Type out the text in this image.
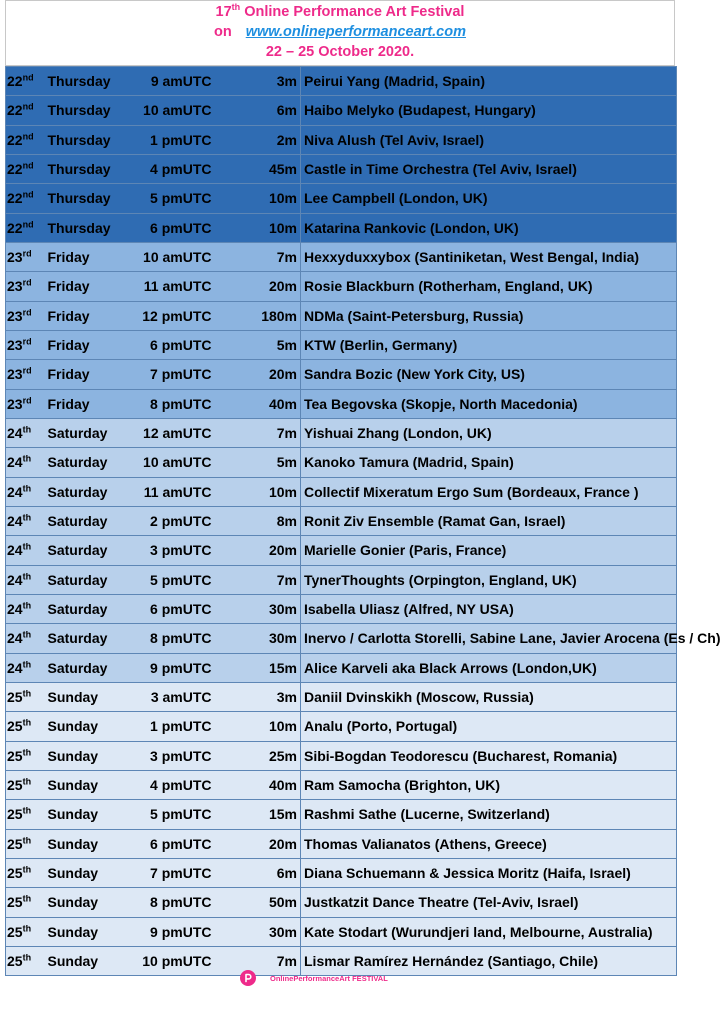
17th Online Performance Art Festival
on www.onlineperformanceart.com
22 – 25 October 2020.
22nd	Thursday	9 amUTC		3m	Peirui Yang (Madrid, Spain)
22nd	Thursday	10 amUTC		6m	Haibo Melyko (Budapest, Hungary)
22nd	Thursday	1 pmUTC		2m	Niva Alush (Tel Aviv, Israel)
22nd	Thursday	4 pmUTC		45m	Castle in Time Orchestra (Tel Aviv, Israel)
22nd	Thursday	5 pmUTC		10m	Lee Campbell (London, UK)
22nd	Thursday	6 pmUTC		10m	Katarina Rankovic (London, UK)
23rd	Friday	10 amUTC		7m	Hexxyduxxybox (Santiniketan, West Bengal, India)
23rd	Friday	11 amUTC		20m	Rosie Blackburn (Rotherham, England, UK)
23rd	Friday	12 pmUTC		180m	NDMa (Saint-Petersburg, Russia)
23rd	Friday	6 pmUTC		5m	KTW (Berlin, Germany)
23rd	Friday	7 pmUTC		20m	Sandra Bozic (New York City, US)
23rd	Friday	8 pmUTC		40m	Tea Begovska (Skopje, North Macedonia)
24th	Saturday	12 amUTC		7m	Yishuai Zhang (London, UK)
24th	Saturday	10 amUTC		5m	Kanoko Tamura (Madrid, Spain)
24th	Saturday	11 amUTC		10m	Collectif Mixeratum Ergo Sum (Bordeaux, France )
24th	Saturday	2 pmUTC		8m	Ronit Ziv Ensemble (Ramat Gan, Israel)
24th	Saturday	3 pmUTC		20m	Marielle Gonier (Paris, France)
24th	Saturday	5 pmUTC		7m	TynerThoughts (Orpington, England, UK)
24th	Saturday	6 pmUTC		30m	Isabella Uliasz (Alfred, NY USA)
24th	Saturday	8 pmUTC		30m	Inervo / Carlotta Storelli, Sabine Lane, Javier Arocena (Es / Ch)
24th	Saturday	9 pmUTC		15m	Alice Karveli aka Black Arrows (London,UK)
25th	Sunday	3 amUTC		3m	Daniil Dvinskikh (Moscow, Russia)
25th	Sunday	1 pmUTC		10m	Analu (Porto, Portugal)
25th	Sunday	3 pmUTC		25m	Sibi-Bogdan Teodorescu (Bucharest, Romania)
25th	Sunday	4 pmUTC		40m	Ram Samocha (Brighton, UK)
25th	Sunday	5 pmUTC		15m	Rashmi Sathe (Lucerne, Switzerland)
25th	Sunday	6 pmUTC		20m	Thomas Valianatos (Athens, Greece)
25th	Sunday	7 pmUTC		6m	Diana Schuemann & Jessica Moritz (Haifa, Israel)
25th	Sunday	8 pmUTC		50m	Justkatzit Dance Theatre (Tel-Aviv, Israel)
25th	Sunday	9 pmUTC		30m	Kate Stodart (Wurundjeri land, Melbourne, Australia)
25th	Sunday	10 pmUTC		7m	Lismar Ramírez Hernández (Santiago, Chile)
OnlinePerformanceArt FESTIVAL
